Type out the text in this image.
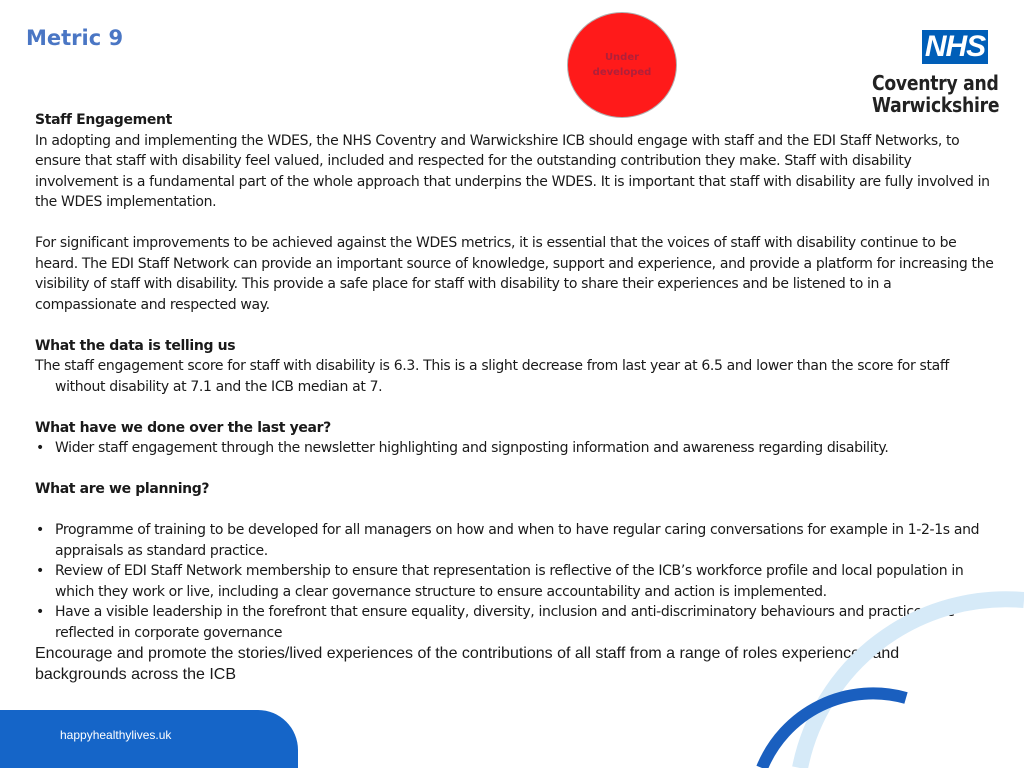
Metric 9
Under developed
NHS
Coventry and
Warwickshire

Staff Engagement

In adopting and implementing the WDES, the NHS Coventry and Warwickshire ICB should engage with staff and the EDI Staff Networks, to ensure that staff with disability feel valued, included and respected for the outstanding contribution they make. Staff with disability involvement is a fundamental part of the whole approach that underpins the WDES. It is important that staff with disability are fully involved in the WDES implementation.

For significant improvements to be achieved against the WDES metrics, it is essential that the voices of staff with disability continue to be heard. The EDI Staff Network can provide an important source of knowledge, support and experience, and provide a platform for increasing the visibility of staff with disability. This provide a safe place for staff with disability to share their experiences and be listened to in a compassionate and respected way.

What the data is telling us

The staff engagement score for staff with disability is 6.3. This is a slight decrease from last year at 6.5 and lower than the score for staff

without disability at 7.1 and the ICB median at 7.

What have we done over the last year?

• Wider staff engagement through the newsletter highlighting and signposting information and awareness regarding disability.

What are we planning?

• Programme of training to be developed for all managers on how and when to have regular caring conversations for example in 1-2-1s and appraisals as standard practice.
• Review of EDI Staff Network membership to ensure that representation is reflective of the ICB’s workforce profile and local population in which they work or live, including a clear governance structure to ensure accountability and action is implemented.
• Have a visible leadership in the forefront that ensure equality, diversity, inclusion and anti-discriminatory behaviours and practices are reflected in corporate governance

Encourage and promote the stories/lived experiences of the contributions of all staff from a range of roles experiences and backgrounds across the ICB

happyhealthylives.uk
